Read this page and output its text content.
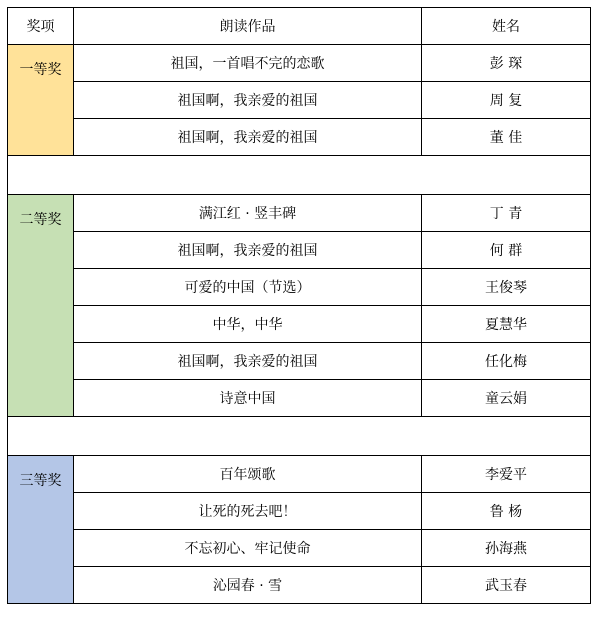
奖项	朗读作品	姓名
一等奖	祖国，一首唱不完的恋歌	彭 琛
	祖国啊，我亲爱的祖国	周 复
	祖国啊，我亲爱的祖国	董 佳

二等奖	满江红 · 竖丰碑	丁 青
	祖国啊，我亲爱的祖国	何 群
	可爱的中国（节选）	王俊琴
	中华，中华	夏慧华
	祖国啊，我亲爱的祖国	任化梅
	诗意中国	童云娟

三等奖	百年颂歌	李爱平
	让死的死去吧！	鲁 杨
	不忘初心、牢记使命	孙海燕
	沁园春 · 雪	武玉春
